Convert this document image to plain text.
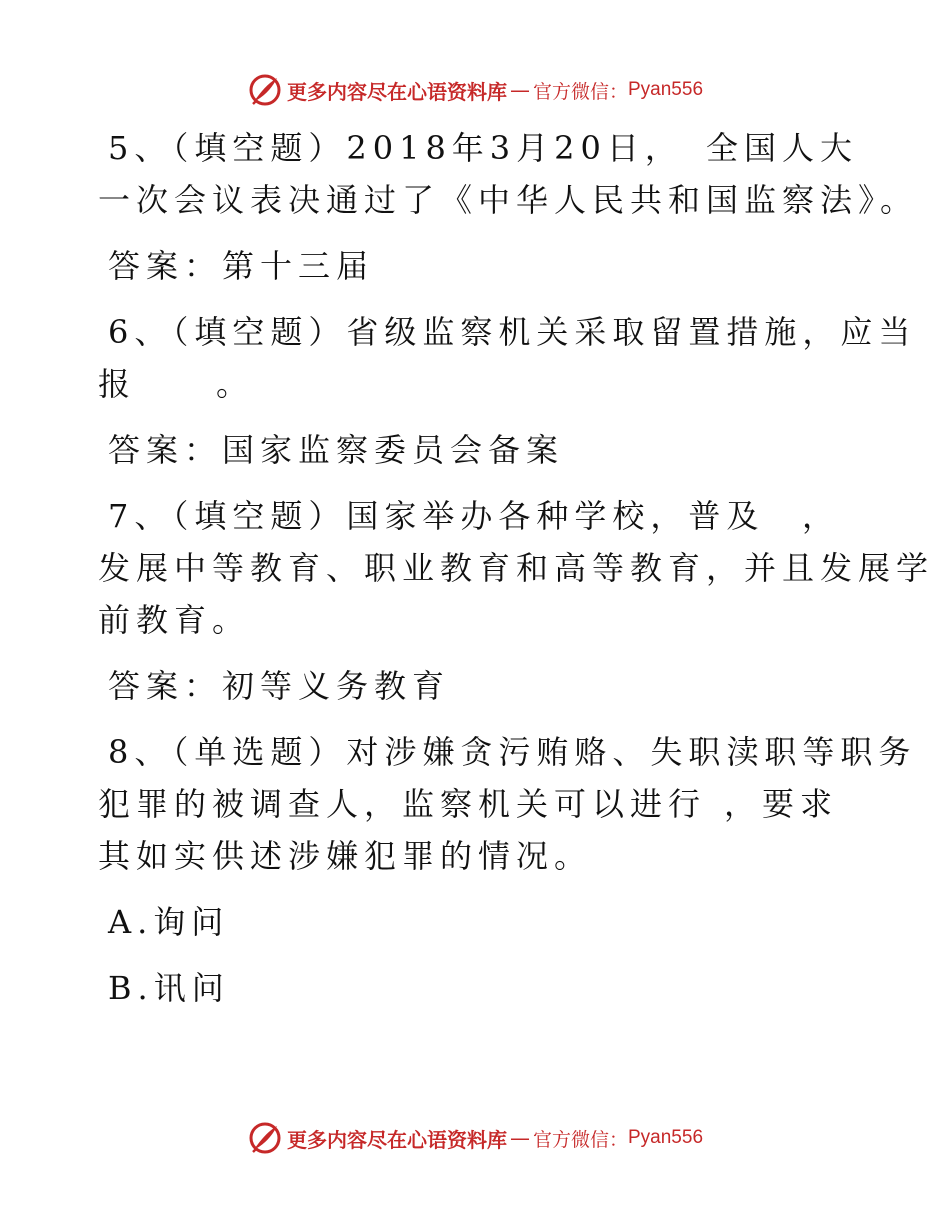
更多内容尽在心语资料库 — 官方微信： Pyan556
5、（填空题）2018年3月20日， 全国人大
一次会议表决通过了《中华人民共和国监察法》。
答案：第十三届
6、（填空题）省级监察机关采取留置措施，应当
报 。
答案：国家监察委员会备案
7、（填空题）国家举办各种学校，普及 ，
发展中等教育、职业教育和高等教育，并且发展学
前教育。
答案：初等义务教育
8、（单选题）对涉嫌贪污贿赂、失职渎职等职务
犯罪的被调查人，监察机关可以进行 ，要求
其如实供述涉嫌犯罪的情况。
A.询问
B.讯问
更多内容尽在心语资料库 — 官方微信： Pyan556
